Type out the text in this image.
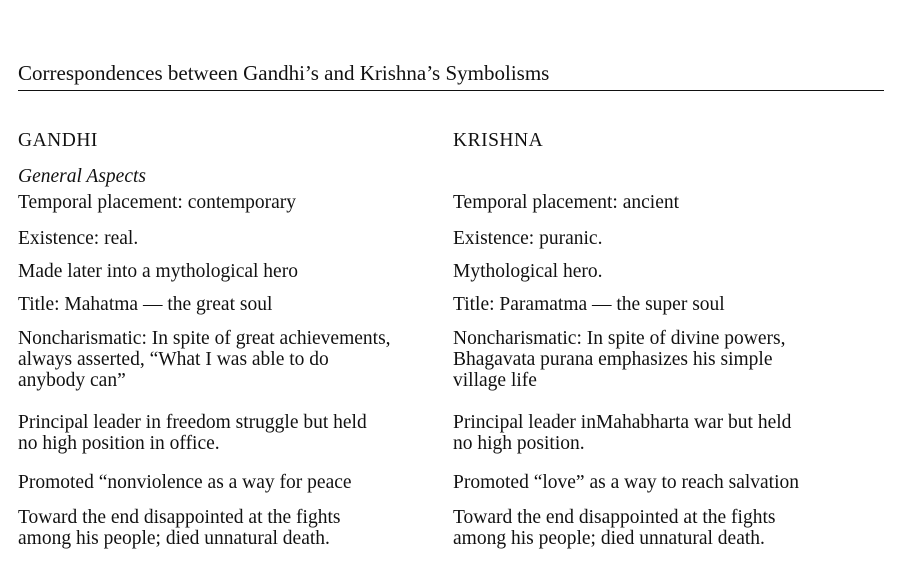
Correspondences between Gandhi’s and Krishna’s Symbolisms
GANDHI	KRISHNA
General Aspects
Temporal placement: contemporary
Existence: real.
Made later into a mythological hero
Title: Mahatma — the great soul
Noncharismatic: In spite of great achievements,
always asserted, “What I was able to do
anybody can”
Principal leader in freedom struggle but held
no high position in office.
Promoted “nonviolence as a way for peace
Toward the end disappointed at the fights
among his people; died unnatural death.
Temporal placement: ancient
Existence: puranic.
Mythological hero.
Title: Paramatma — the super soul
Noncharismatic: In spite of divine powers,
Bhagavata purana emphasizes his simple
village life
Principal leader inMahabharta war but held
no high position.
Promoted “love” as a way to reach salvation
Toward the end disappointed at the fights
among his people; died unnatural death.
